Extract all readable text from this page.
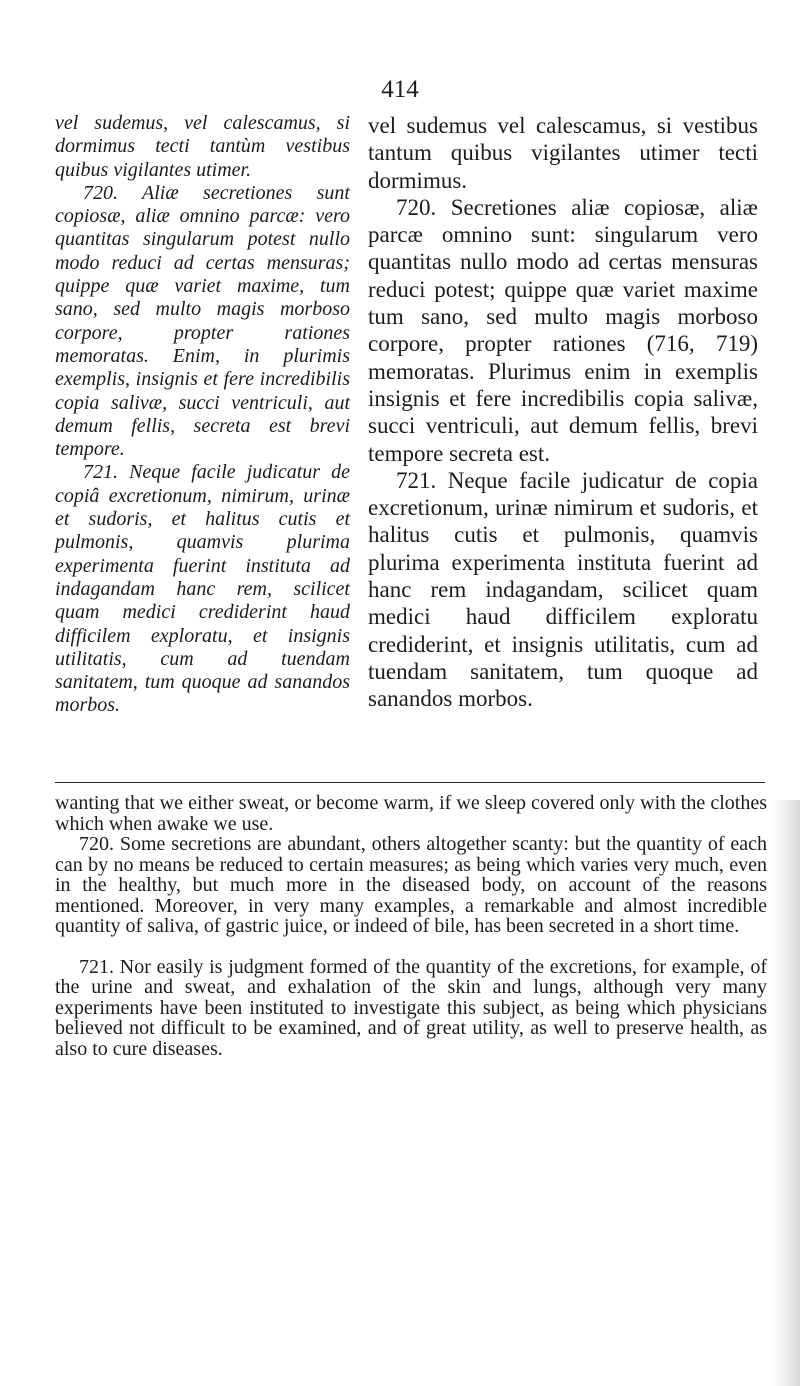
414

vel sudemus, vel calescamus, si dormimus tecti tantùm vestibus quibus vigilantes utimer.

720. Aliæ secretiones sunt copiosæ, aliæ omnino parcæ: vero quantitas singularum potest nullo modo reduci ad certas mensuras; quippe quæ variet maxime, tum sano, sed multo magis morboso corpore, propter rationes memoratas. Enim, in plurimis exemplis, insignis et fere incredibilis copia salivæ, succi ventriculi, aut demum fellis, secreta est brevi tempore.

721. Neque facile judicatur de copiâ excretionum, nimirum, urinæ et sudoris, et halitus cutis et pulmonis, quamvis plurima experimenta fuerint instituta ad indagandam hanc rem, scilicet quam medici crediderint haud difficilem exploratu, et insignis utilitatis, cum ad tuendam sanitatem, tum quoque ad sanandos morbos.

vel sudemus vel calescamus, si vestibus tantum quibus vigilantes utimer tecti dormimus.

720. Secretiones aliæ copiosæ, aliæ parcæ omnino sunt: singularum vero quantitas nullo modo ad certas mensuras reduci potest; quippe quæ variet maxime tum sano, sed multo magis morboso corpore, propter rationes (716, 719) memoratas. Plurimus enim in exemplis insignis et fere incredibilis copia salivæ, succi ventriculi, aut demum fellis, brevi tempore secreta est.

721. Neque facile judicatur de copia excretionum, urinæ nimirum et sudoris, et halitus cutis et pulmonis, quamvis plurima experimenta instituta fuerint ad hanc rem indagandam, scilicet quam medici haud difficilem exploratu crediderint, et insignis utilitatis, cum ad tuendam sanitatem, tum quoque ad sanandos morbos.

wanting that we either sweat, or become warm, if we sleep covered only with the clothes which when awake we use.

720. Some secretions are abundant, others altogether scanty: but the quantity of each can by no means be reduced to certain measures; as being which varies very much, even in the healthy, but much more in the diseased body, on account of the reasons mentioned. Moreover, in very many examples, a remarkable and almost incredible quantity of saliva, of gastric juice, or indeed of bile, has been secreted in a short time.

721. Nor easily is judgment formed of the quantity of the excretions, for example, of the urine and sweat, and exhalation of the skin and lungs, although very many experiments have been instituted to investigate this subject, as being which physicians believed not difficult to be examined, and of great utility, as well to preserve health, as also to cure diseases.
